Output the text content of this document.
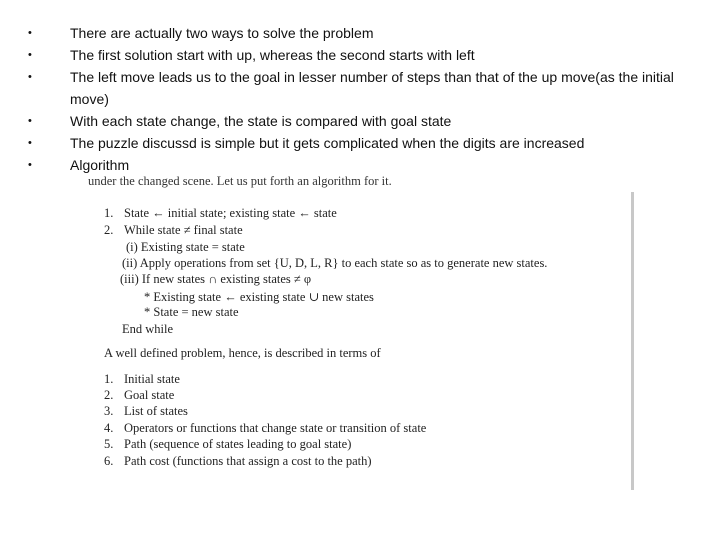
• There are actually two ways to solve the problem
• The first solution start with up, whereas the second starts with left
• The left move leads us to the goal in lesser number of steps than that of the up move(as the initial move)
• With each state change, the state is compared with goal state
• The puzzle discussd is simple but it gets complicated when the digits are increased
• Algorithm
under the changed scene. Let us put forth an algorithm for it.
1. State ← initial state; existing state ← state
2. While state ≠ final state
(i) Existing state = state
(ii) Apply operations from set {U, D, L, R} to each state so as to generate new states.
(iii) If new states ∩ existing states ≠ φ
* Existing state ← existing state ∪ new states
* State = new state
End while
A well defined problem, hence, is described in terms of
1. Initial state
2. Goal state
3. List of states
4. Operators or functions that change state or transition of state
5. Path (sequence of states leading to goal state)
6. Path cost (functions that assign a cost to the path)
